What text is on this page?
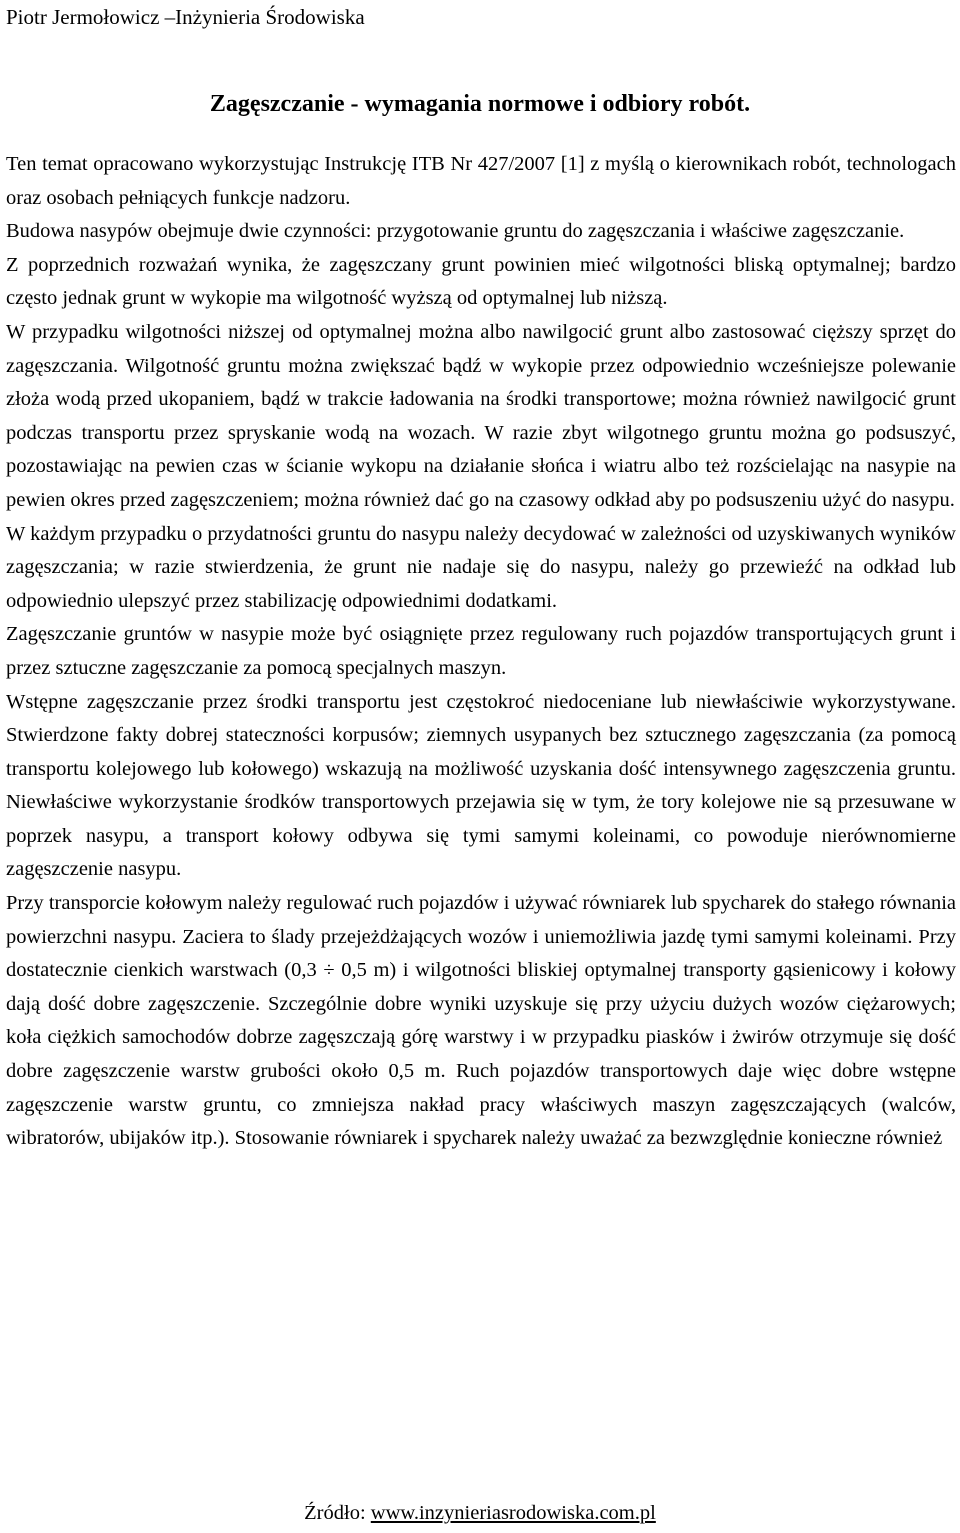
Piotr Jermołowicz –Inżynieria Środowiska
Zagęszczanie - wymagania normowe i odbiory robót.

Ten temat opracowano wykorzystując Instrukcję ITB Nr 427/2007 [1] z myślą o kierownikach robót, technologach oraz osobach pełniących funkcje nadzoru.

Budowa nasypów obejmuje dwie czynności: przygotowanie gruntu do zagęszczania i właściwe zagęszczanie.

Z poprzednich rozważań wynika, że zagęszczany grunt powinien mieć wilgotności bliską optymalnej; bardzo często jednak grunt w wykopie ma wilgotność wyższą od optymalnej lub niższą.

W przypadku wilgotności niższej od optymalnej można albo nawilgocić grunt albo zastosować cięższy sprzęt do zagęszczania. Wilgotność gruntu można zwiększać bądź w wykopie przez odpowiednio wcześniejsze polewanie złoża wodą przed ukopaniem, bądź w trakcie ładowania na środki transportowe; można również nawilgocić grunt podczas transportu przez spryskanie wodą na wozach. W razie zbyt wilgotnego gruntu można go podsuszyć, pozostawiając na pewien czas w ścianie wykopu na działanie słońca i wiatru albo też rozścielając na nasypie na pewien okres przed zagęszczeniem; można również dać go na czasowy odkład aby po podsuszeniu użyć do nasypu.

W każdym przypadku o przydatności gruntu do nasypu należy decydować w zależności od uzyskiwanych wyników zagęszczania; w razie stwierdzenia, że grunt nie nadaje się do nasypu, należy go przewieźć na odkład lub odpowiednio ulepszyć przez stabilizację odpowiednimi dodatkami.

Zagęszczanie gruntów w nasypie może być osiągnięte przez regulowany ruch pojazdów transportujących grunt i przez sztuczne zagęszczanie za pomocą specjalnych maszyn.

Wstępne zagęszczanie przez środki transportu jest częstokroć niedoceniane lub niewłaściwie wykorzystywane. Stwierdzone fakty dobrej stateczności korpusów; ziemnych usypanych bez sztucznego zagęszczania (za pomocą transportu kolejowego lub kołowego) wskazują na możliwość uzyskania dość intensywnego zagęszczenia gruntu. Niewłaściwe wykorzystanie środków transportowych przejawia się w tym, że tory kolejowe nie są przesuwane w poprzek nasypu, a transport kołowy odbywa się tymi samymi koleinami, co powoduje nierównomierne zagęszczenie nasypu.

Przy transporcie kołowym należy regulować ruch pojazdów i używać równiarek lub spycharek do stałego równania powierzchni nasypu. Zaciera to ślady przejeżdżających wozów i uniemożliwia jazdę tymi samymi koleinami. Przy dostatecznie cienkich warstwach (0,3 ÷ 0,5 m) i wilgotności bliskiej optymalnej transporty gąsienicowy i kołowy dają dość dobre zagęszczenie. Szczególnie dobre wyniki uzyskuje się przy użyciu dużych wozów ciężarowych; koła ciężkich samochodów dobrze zagęszczają górę warstwy i w przypadku piasków i żwirów otrzymuje się dość dobre zagęszczenie warstw grubości około 0,5 m. Ruch pojazdów transportowych daje więc dobre wstępne zagęszczenie warstw gruntu, co zmniejsza nakład pracy właściwych maszyn zagęszczających (walców, wibratorów, ubijaków itp.). Stosowanie równiarek i spycharek należy uważać za bezwzględnie konieczne również

Źródło: www.inzynieriasrodowiska.com.pl
